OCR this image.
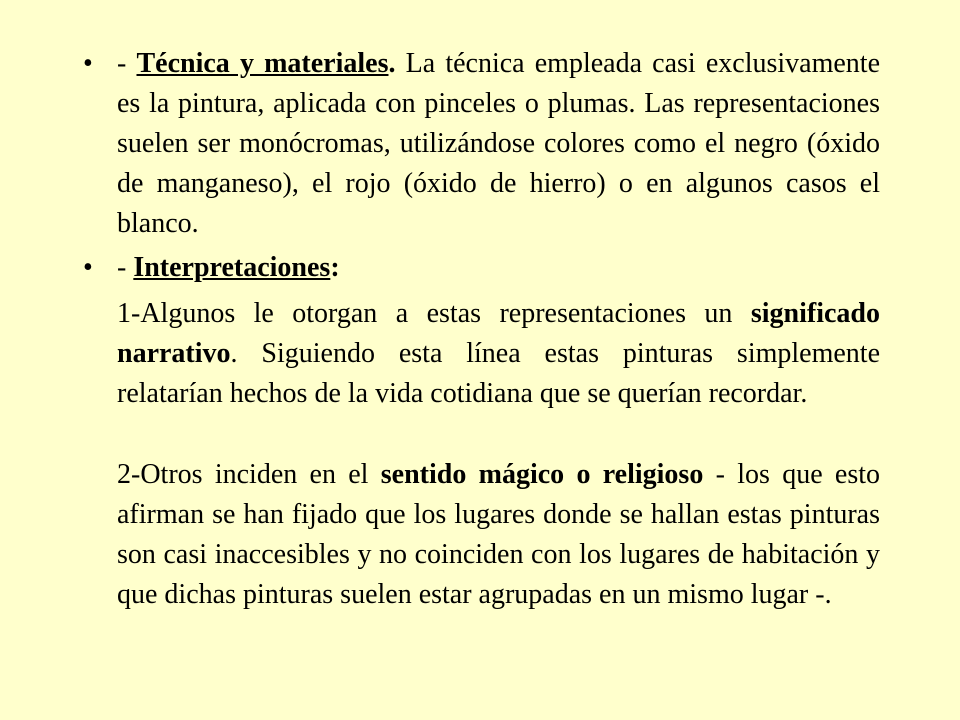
• - Técnica y materiales. La técnica empleada casi exclusivamente es la pintura, aplicada con pinceles o plumas. Las representaciones suelen ser monócromas, utilizándose colores como el negro (óxido de manganeso), el rojo (óxido de hierro) o en algunos casos el blanco.

• - Interpretaciones:

1-Algunos le otorgan a estas representaciones un significado narrativo. Siguiendo esta línea estas pinturas simplemente relatarían hechos de la vida cotidiana que se querían recordar.

2-Otros inciden en el sentido mágico o religioso - los que esto afirman se han fijado que los lugares donde se hallan estas pinturas son casi inaccesibles y no coinciden con los lugares de habitación y que dichas pinturas suelen estar agrupadas en un mismo lugar -.
